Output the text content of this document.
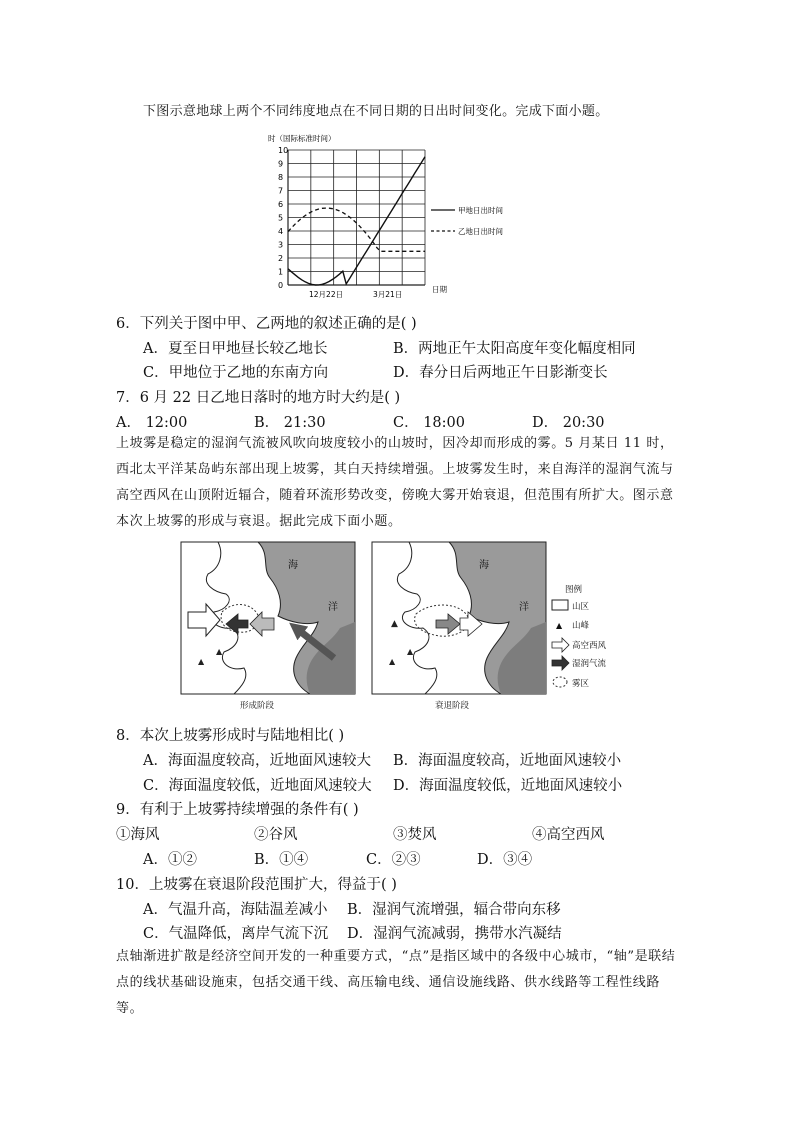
下图示意地球上两个不同纬度地点在不同日期的日出时间变化。完成下面小题。
时（国际标准时间）
0
1
2
3
4
5
6
7
8
9
10
12月22日	3月21日
日期
甲地日出时间
乙地日出时间
6．下列关于图中甲、乙两地的叙述正确的是( )
A．夏至日甲地昼长较乙地长	B．两地正午太阳高度年变化幅度相同
C．甲地位于乙地的东南方向	D．春分日后两地正午日影渐变长
7．6 月 22 日乙地日落时的地方时大约是( )
A． 12:00	B． 21:30	C． 18:00	D． 20:30
上坡雾是稳定的湿润气流被风吹向坡度较小的山坡时，因冷却而形成的雾。5 月某日 11 时，西北太平洋某岛屿东部出现上坡雾，其白天持续增强。上坡雾发生时，来自海洋的湿润气流与高空西风在山顶附近辐合，随着环流形势改变，傍晚大雾开始衰退，但范围有所扩大。图示意本次上坡雾的形成与衰退。据此完成下面小题。
▲
▲
海
洋
形成阶段
▲
▲
▲
海
洋
衰退阶段
图例
山区
▲ 山峰
高空西风
湿润气流
雾区
8．本次上坡雾形成时与陆地相比( )
A．海面温度较高，近地面风速较大 B．海面温度较高，近地面风速较小
C．海面温度较低，近地面风速较大 D．海面温度较低，近地面风速较小
9．有利于上坡雾持续增强的条件有( )
①海风	②谷风	③焚风	④高空西风
A．①②	B．①④	C．②③	D．③④
10．上坡雾在衰退阶段范围扩大，得益于( )
A．气温升高，海陆温差减小 B．湿润气流增强，辐合带向东移
C．气温降低，离岸气流下沉 D．湿润气流减弱，携带水汽凝结
点轴渐进扩散是经济空间开发的一种重要方式，“点”是指区域中的各级中心城市，“轴”是联结点的线状基础设施束，包括交通干线、高压输电线、通信设施线路、供水线路等工程性线路等。
